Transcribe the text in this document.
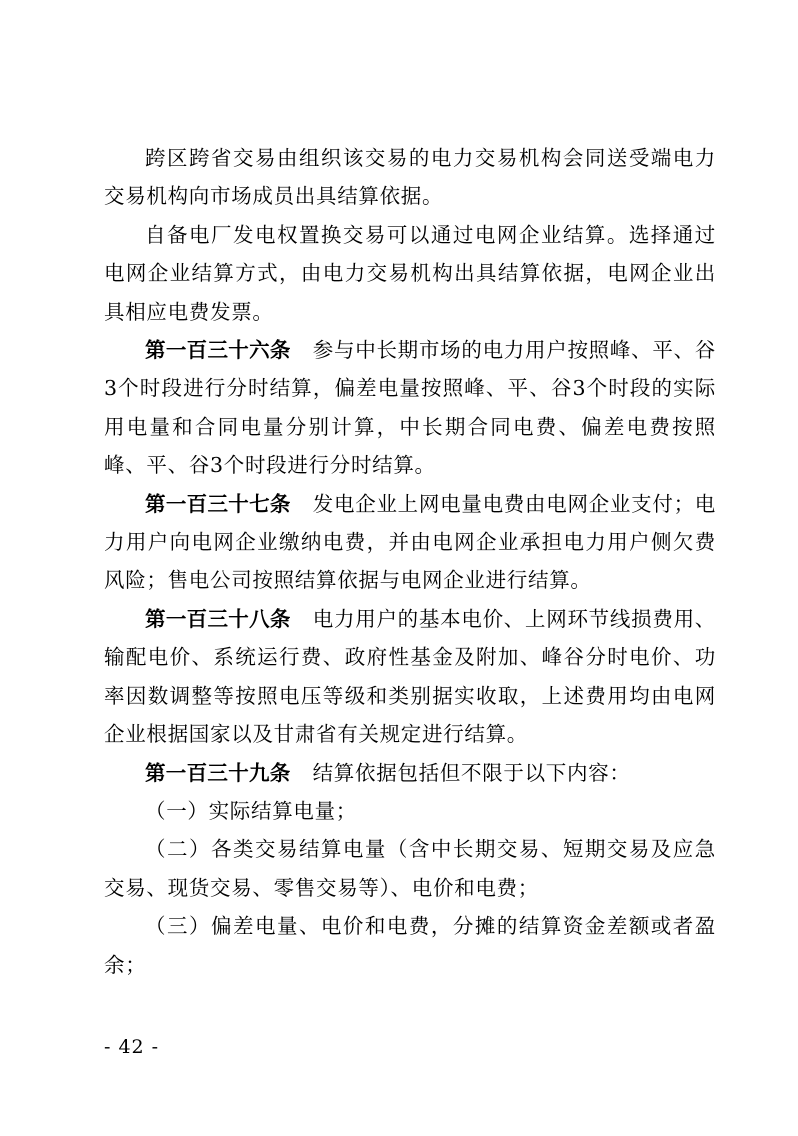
跨区跨省交易由组织该交易的电力交易机构会同送受端电力交易机构向市场成员出具结算依据。

自备电厂发电权置换交易可以通过电网企业结算。选择通过电网企业结算方式，由电力交易机构出具结算依据，电网企业出具相应电费发票。

第一百三十六条 参与中长期市场的电力用户按照峰、平、谷3个时段进行分时结算，偏差电量按照峰、平、谷3个时段的实际用电量和合同电量分别计算，中长期合同电费、偏差电费按照峰、平、谷3个时段进行分时结算。

第一百三十七条 发电企业上网电量电费由电网企业支付；电力用户向电网企业缴纳电费，并由电网企业承担电力用户侧欠费风险；售电公司按照结算依据与电网企业进行结算。

第一百三十八条 电力用户的基本电价、上网环节线损费用、输配电价、系统运行费、政府性基金及附加、峰谷分时电价、功率因数调整等按照电压等级和类别据实收取，上述费用均由电网企业根据国家以及甘肃省有关规定进行结算。

第一百三十九条 结算依据包括但不限于以下内容：

（一）实际结算电量；

（二）各类交易结算电量（含中长期交易、短期交易及应急交易、现货交易、零售交易等）、电价和电费；

（三）偏差电量、电价和电费，分摊的结算资金差额或者盈余；

- 42 -
